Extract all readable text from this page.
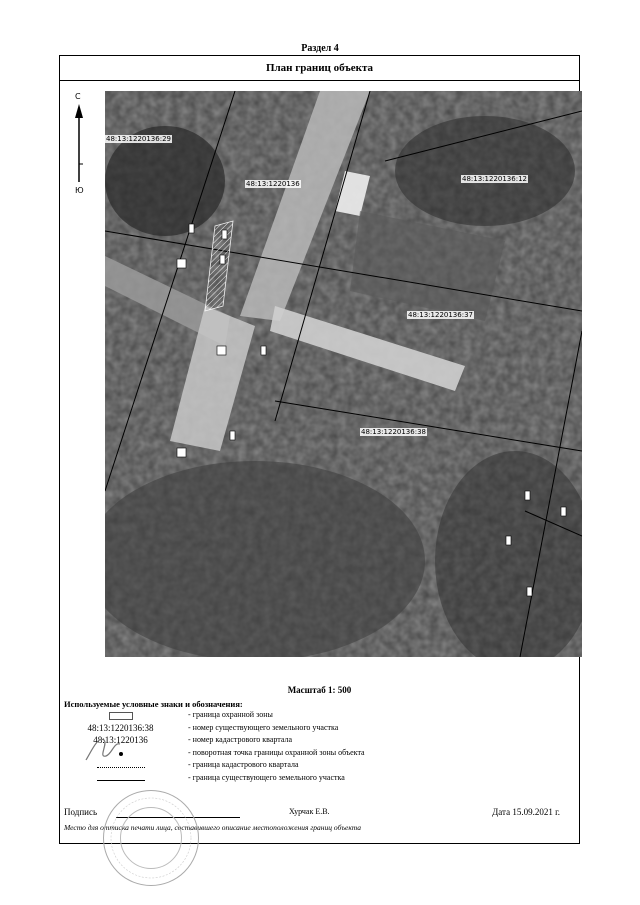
Раздел 4
План границ объекта
С
Ю
48:13:1220136:29
48:13:1220136
48:13:1220136:12
48:13:1220136:37
48:13:1220136:38
Масштаб 1: 500
Используемые условные знаки и обозначения:
- граница охранной зоны
48:13:1220136:38	- номер существующего земельного участка
48:13:1220136	- номер кадастрового квартала
- поворотная точка границы охранной зоны объекта
- граница кадастрового квартала
- граница существующего земельного участка
Подпись	Хурчак Е.В.	Дата 15.09.2021 г.
Место для оттиска печати лица, составившего описание местоположения границ объекта
